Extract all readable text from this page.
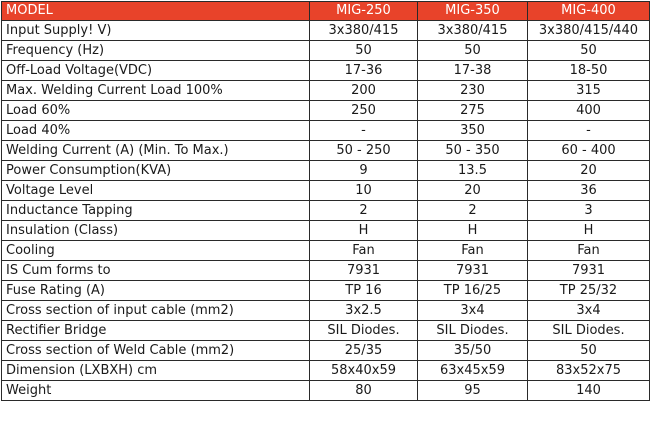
MODEL	MIG-250	MIG-350	MIG-400
Input Supply! V)	3x380/415	3x380/415	3x380/415/440
Frequency (Hz)	50	50	50
Off-Load Voltage(VDC)	17-36	17-38	18-50
Max. Welding Current Load 100%	200	230	315
Load 60%	250	275	400
Load 40%	-	350	-
Welding Current (A) (Min. To Max.)	50 - 250	50 - 350	60 - 400
Power Consumption(KVA)	9	13.5	20
Voltage Level	10	20	36
Inductance Tapping	2	2	3
Insulation (Class)	H	H	H
Cooling	Fan	Fan	Fan
IS Cum forms to	7931	7931	7931
Fuse Rating (A)	TP 16	TP 16/25	TP 25/32
Cross section of input cable (mm2)	3x2.5	3x4	3x4
Rectifier Bridge	SIL Diodes.	SIL Diodes.	SIL Diodes.
Cross section of Weld Cable (mm2)	25/35	35/50	50
Dimension (LXBXH) cm	58x40x59	63x45x59	83x52x75
Weight	80	95	140
